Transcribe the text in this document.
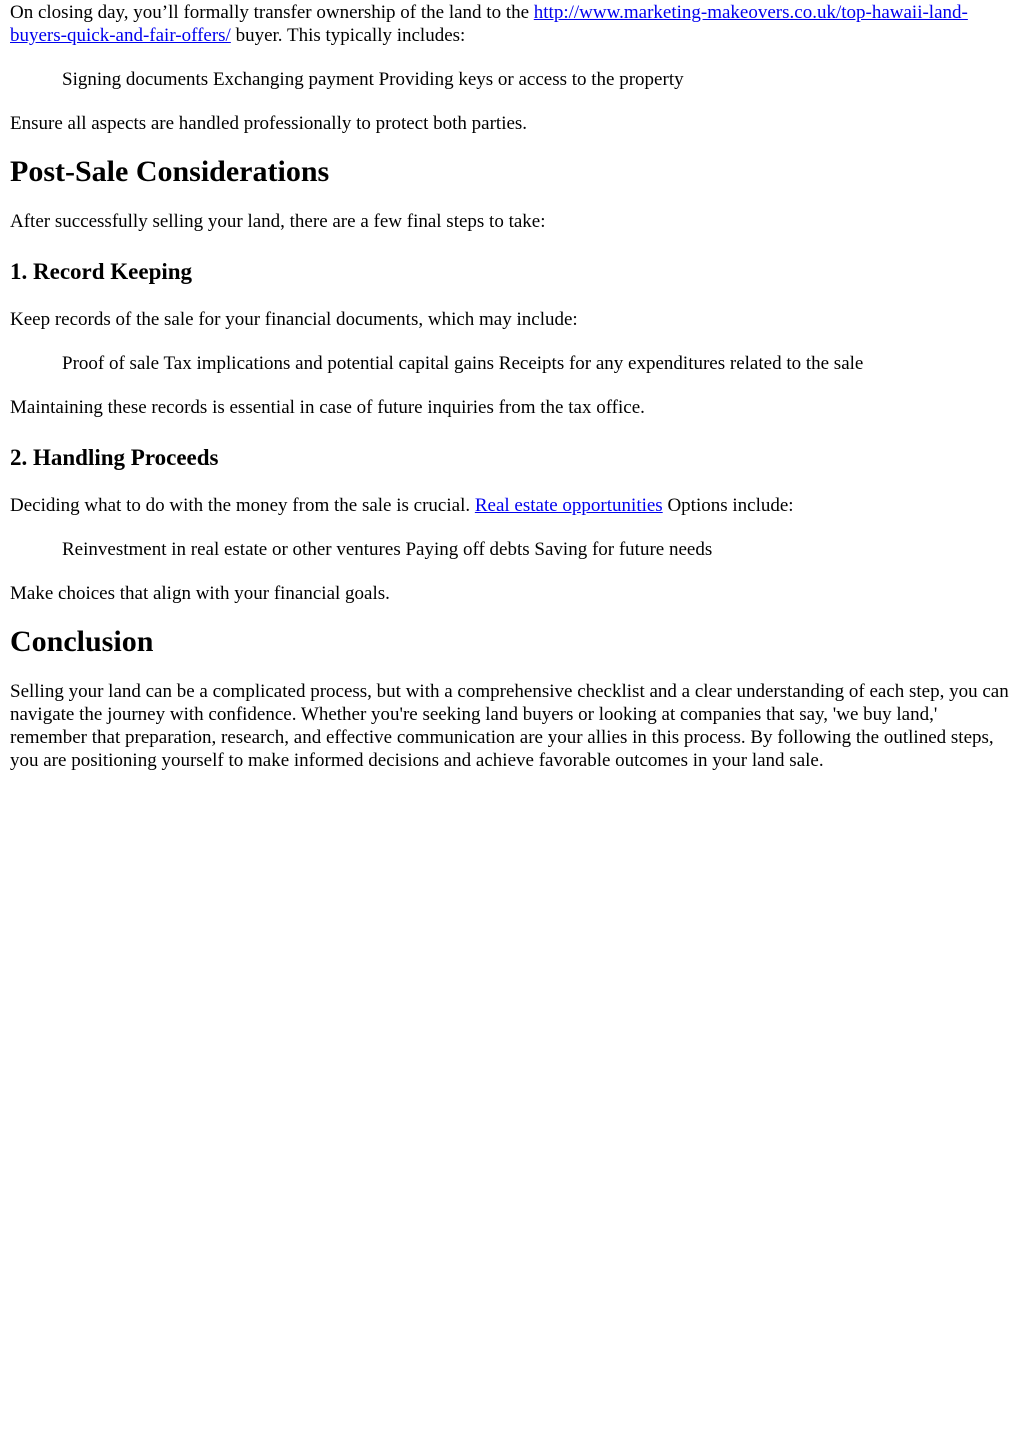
On closing day, you’ll formally transfer ownership of the land to the http://www.marketing-makeovers.co.uk/top-hawaii-land-buyers-quick-and-fair-offers/ buyer. This typically includes:

Signing documents Exchanging payment Providing keys or access to the property

Ensure all aspects are handled professionally to protect both parties.

Post-Sale Considerations

After successfully selling your land, there are a few final steps to take:

1. Record Keeping

Keep records of the sale for your financial documents, which may include:

Proof of sale Tax implications and potential capital gains Receipts for any expenditures related to the sale

Maintaining these records is essential in case of future inquiries from the tax office.

2. Handling Proceeds

Deciding what to do with the money from the sale is crucial. Real estate opportunities Options include:

Reinvestment in real estate or other ventures Paying off debts Saving for future needs

Make choices that align with your financial goals.

Conclusion

Selling your land can be a complicated process, but with a comprehensive checklist and a clear understanding of each step, you can navigate the journey with confidence. Whether you're seeking land buyers or looking at companies that say, 'we buy land,' remember that preparation, research, and effective communication are your allies in this process. By following the outlined steps, you are positioning yourself to make informed decisions and achieve favorable outcomes in your land sale.
